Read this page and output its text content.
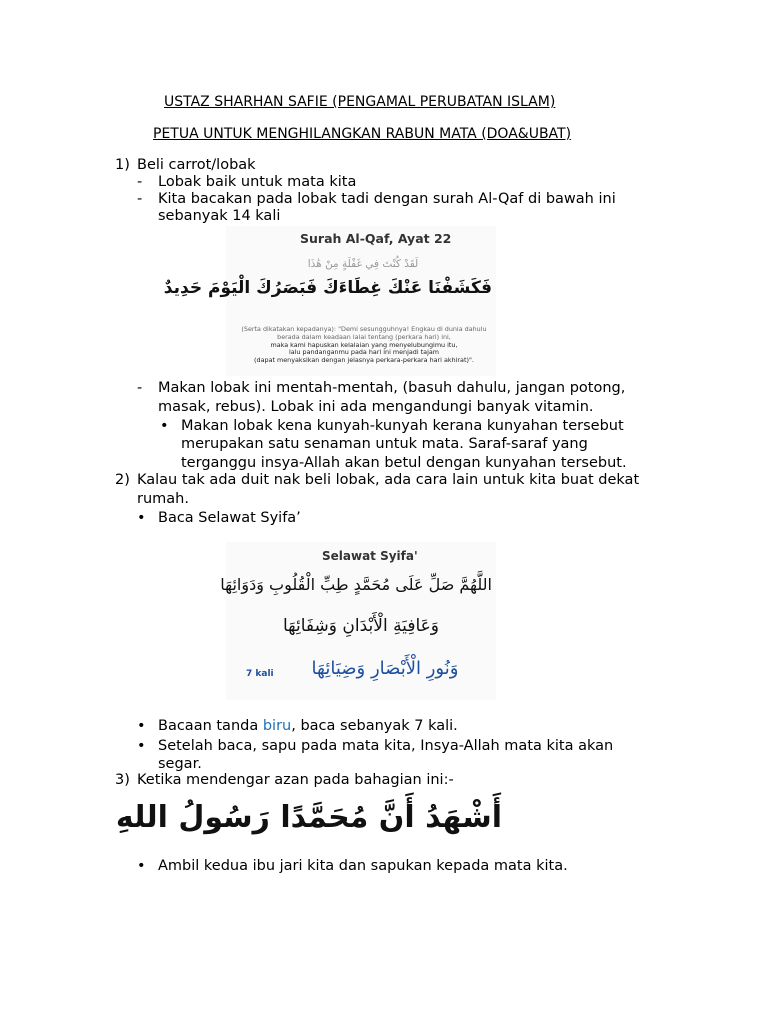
USTAZ SHARHAN SAFIE (PENGAMAL PERUBATAN ISLAM)
PETUA UNTUK MENGHILANGKAN RABUN MATA (DOA&UBAT)
1) Beli carrot/lobak
- Lobak baik untuk mata kita
- Kita bacakan pada lobak tadi dengan surah Al-Qaf di bawah ini
sebanyak 14 kali
Surah Al-Qaf, Ayat 22
لَقَدْ كُنْتَ فِي غَفْلَةٍ مِنْ هَٰذَا
فَكَشَفْنَا عَنْكَ غِطَاءَكَ فَبَصَرُكَ الْيَوْمَ حَدِيدٌ
(Serta dikatakan kepadanya): "Demi sesungguhnya! Engkau di dunia dahulu
berada dalam keadaan lalai tentang (perkara hari) ini,
maka kami hapuskan kelalaian yang menyelubungimu itu,
lalu pandanganmu pada hari ini menjadi tajam
(dapat menyaksikan dengan jelasnya perkara-perkara hari akhirat)".
- Makan lobak ini mentah-mentah, (basuh dahulu, jangan potong,
masak, rebus). Lobak ini ada mengandungi banyak vitamin.
• Makan lobak kena kunyah-kunyah kerana kunyahan tersebut
merupakan satu senaman untuk mata. Saraf-saraf yang
terganggu insya-Allah akan betul dengan kunyahan tersebut.
2) Kalau tak ada duit nak beli lobak, ada cara lain untuk kita buat dekat
rumah.
• Baca Selawat Syifa’
Selawat Syifa'
اللَّهُمَّ صَلِّ عَلَى مُحَمَّدٍ طِبِّ الْقُلُوبِ وَدَوَائِهَا
وَعَافِيَةِ الْأَبْدَانِ وَشِفَائِهَا
وَنُورِ الْأَبْصَارِ وَضِيَائِهَا
7 kali
• Bacaan tanda biru, baca sebanyak 7 kali.
• Setelah baca, sapu pada mata kita, Insya-Allah mata kita akan
segar.
3) Ketika mendengar azan pada bahagian ini:-
أَشْهَدُ أَنَّ مُحَمَّدًا رَسُولُ اللهِ
• Ambil kedua ibu jari kita dan sapukan kepada mata kita.
